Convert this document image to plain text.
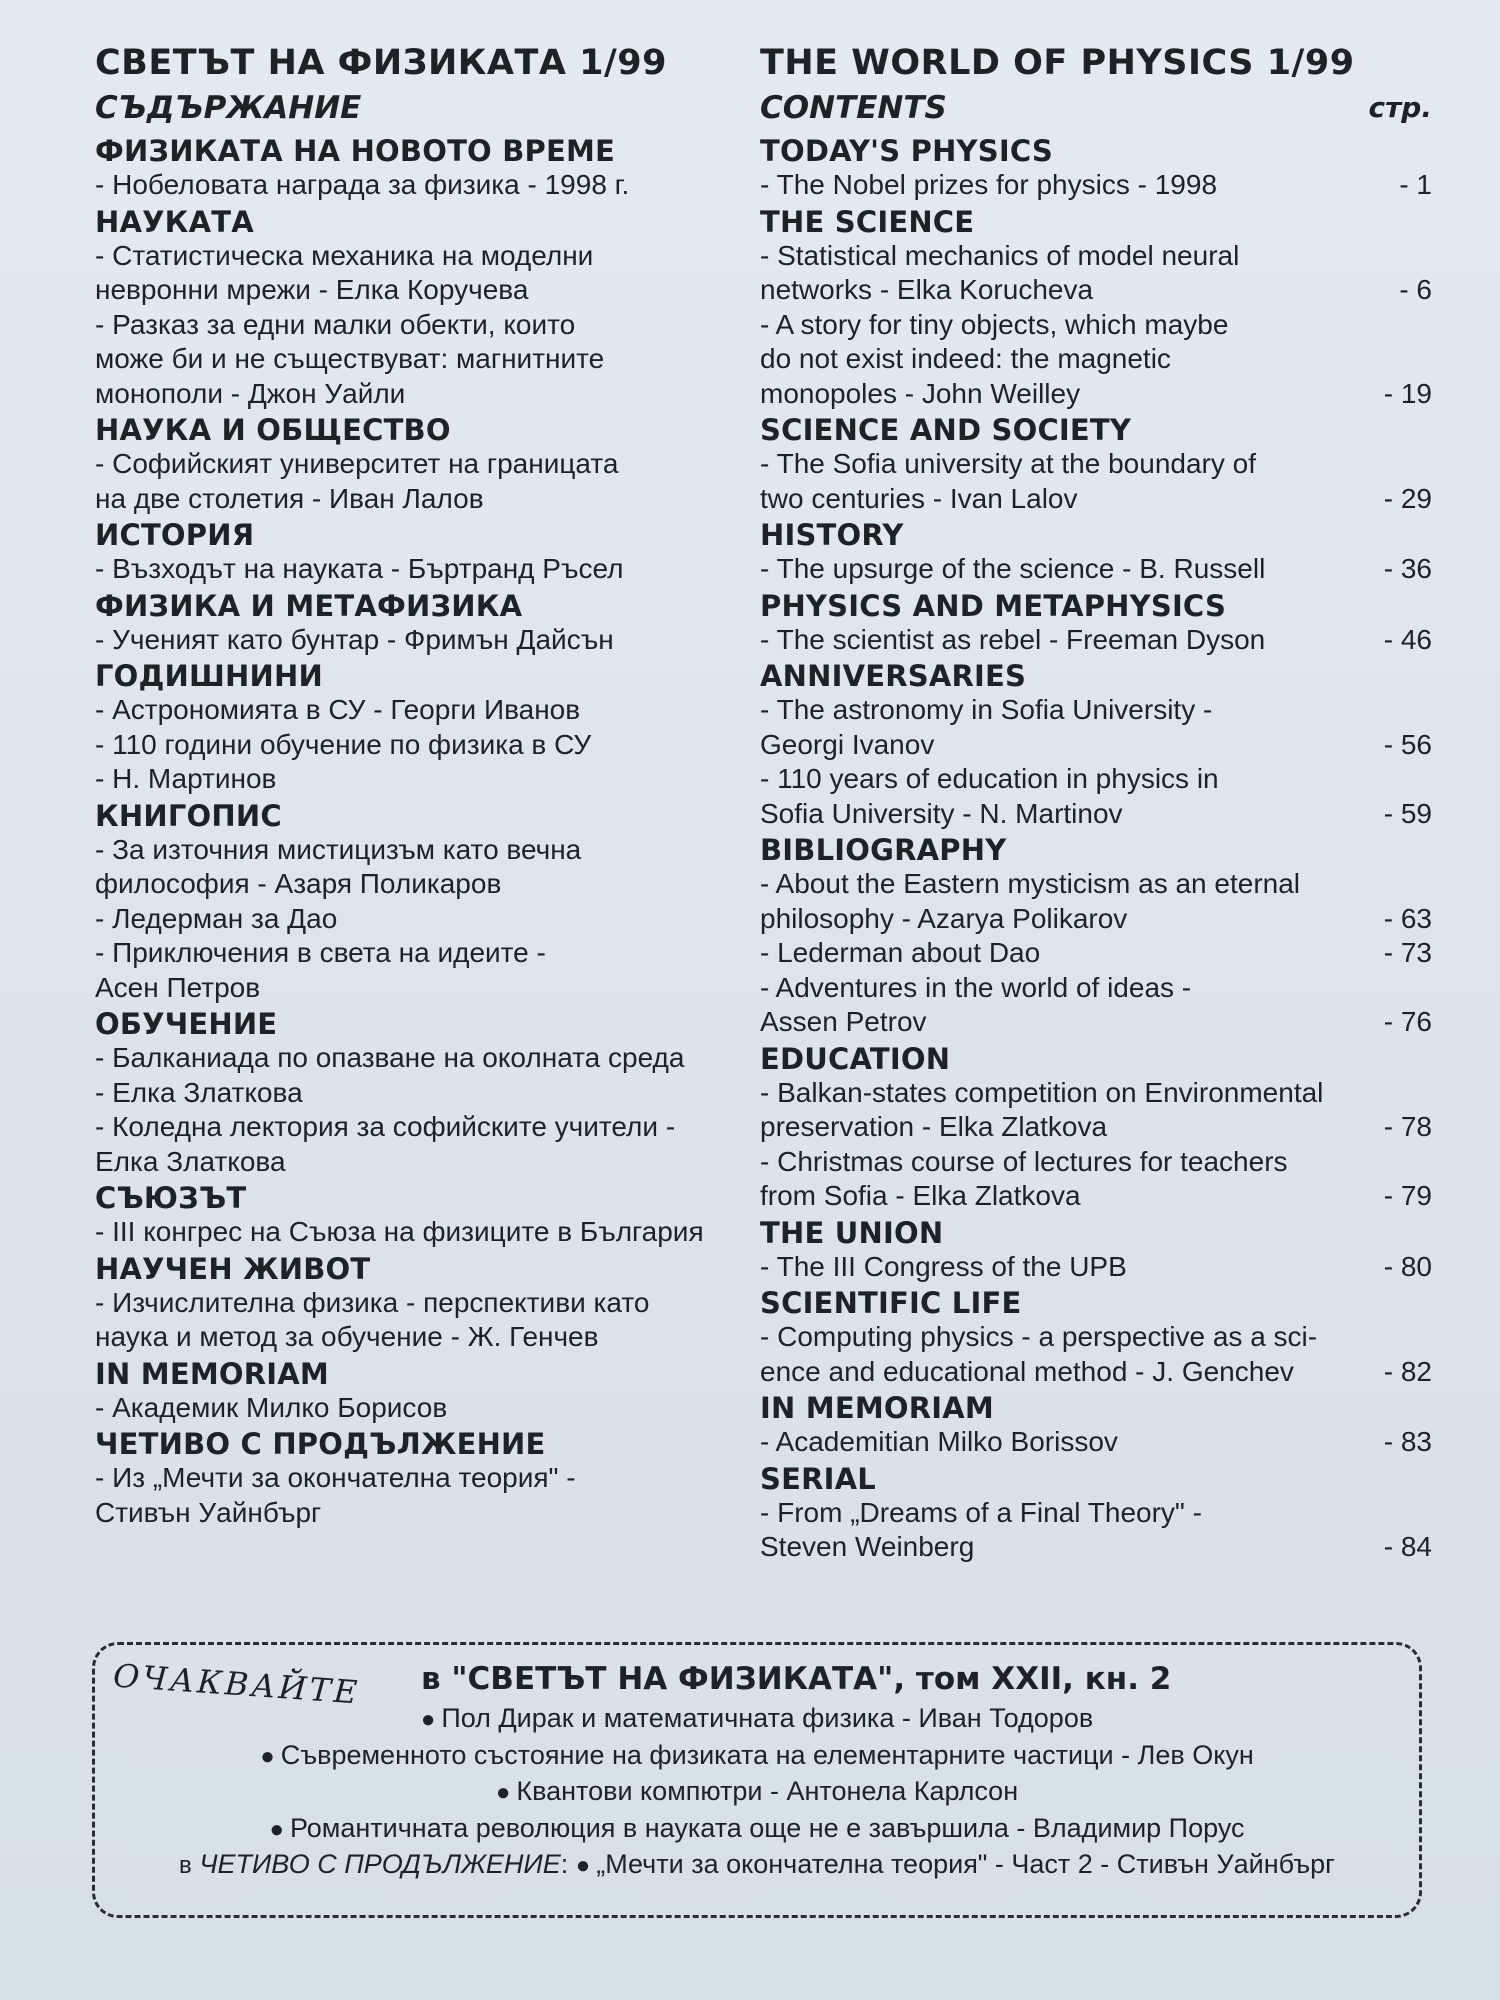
СВЕТЪТ НА ФИЗИКАТА 1/99
СЪДЪРЖАНИЕ
ФИЗИКАТА НА НОВОТО ВРЕМЕ
- Нобеловата награда за физика - 1998 г.
НАУКАТА
- Статистическа механика на моделни
невронни мрежи - Елка Коручева
- Разказ за едни малки обекти, които
може би и не съществуват: магнитните
монополи - Джон Уайли
НАУКА И ОБЩЕСТВО
- Софийският университет на границата
на две столетия - Иван Лалов
ИСТОРИЯ
- Възходът на науката - Бъртранд Ръсел
ФИЗИКА И МЕТАФИЗИКА
- Ученият като бунтар - Фримън Дайсън
ГОДИШНИНИ
- Астрономията в СУ - Георги Иванов

- 110 години обучение по физика в СУ
- Н. Мартинов
КНИГОПИС
- За източния мистицизъм като вечна
философия - Азаря Поликаров
- Ледерман за Дао
- Приключения в света на идеите -
Асен Петров
ОБУЧЕНИЕ
- Балканиада по опазване на околната среда
- Елка Златкова
- Коледна лектория за софийските учители -
Елка Златкова
СЪЮЗЪТ
- III конгрес на Съюза на физиците в България
НАУЧЕН ЖИВОТ
- Изчислителна физика - перспективи като
наука и метод за обучение - Ж. Генчев
IN MEMORIAM
- Академик Милко Борисов
ЧЕТИВО С ПРОДЪЛЖЕНИЕ
- Из „Мечти за окончателна теория" -
Стивън Уайнбърг
THE WORLD OF PHYSICS 1/99
CONTENTS	стр.
TODAY'S PHYSICS
- The Nobel prizes for physics - 1998	- 1
THE SCIENCE
- Statistical mechanics of model neural
networks - Elka Korucheva	- 6
- A story for tiny objects, which maybe
do not exist indeed: the magnetic
monopoles - John Weilley	- 19
SCIENCE AND SOCIETY
- The Sofia university at the boundary of
two centuries - Ivan Lalov	- 29
HISTORY
- The upsurge of the science - B. Russell	- 36
PHYSICS AND METAPHYSICS
- The scientist as rebel - Freeman Dyson	- 46
ANNIVERSARIES
- The astronomy in Sofia University -
Georgi Ivanov	- 56
- 110 years of education in physics in
Sofia University - N. Martinov	- 59
BIBLIOGRAPHY
- About the Eastern mysticism as an eternal
philosophy - Azarya Polikarov	- 63
- Lederman about Dao	- 73
- Adventures in the world of ideas -
Assen Petrov	- 76
EDUCATION
- Balkan-states competition on Environmental
preservation - Elka Zlatkova	- 78
- Christmas course of lectures for teachers
from Sofia - Elka Zlatkova	- 79
THE UNION
- The III Congress of the UPB	- 80
SCIENTIFIC LIFE
- Computing physics - a perspective as a sci-
ence and educational method - J. Genchev	- 82
IN MEMORIAM
- Academitian Milko Borissov	- 83
SERIAL
- From „Dreams of a Final Theory" -
Steven Weinberg	- 84
ОЧАКВАЙТЕ в "СВЕТЪТ НА ФИЗИКАТА", том XXII, кн. 2
● Пол Дирак и математичната физика - Иван Тодоров
● Съвременното състояние на физиката на елементарните частици - Лев Окун
● Квантови компютри - Антонела Карлсон
● Романтичната революция в науката още не е завършила - Владимир Порус
в ЧЕТИВО С ПРОДЪЛЖЕНИЕ: ● „Мечти за окончателна теория" - Част 2 - Стивън Уайнбърг
